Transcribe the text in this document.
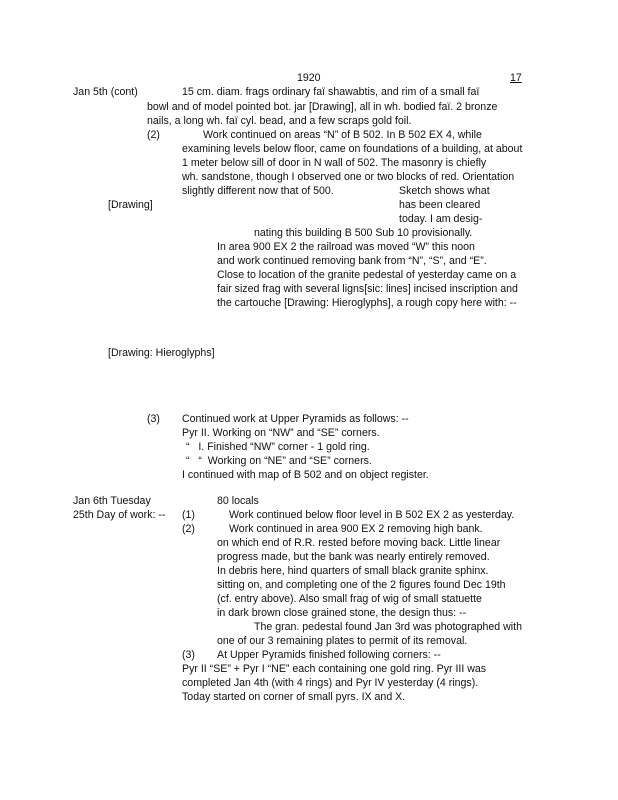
1920	17
Jan 5th (cont)	15 cm. diam. frags ordinary faï shawabtis, and rim of a small faï
bowl and of model pointed bot. jar [Drawing], all in wh. bodied faï. 2 bronze
nails, a long wh. faï cyl. bead, and a few scraps gold foil.
(2)	Work continued on areas “N” of B 502. In B 502 EX 4, while
examining levels below floor, came on foundations of a building, at about
1 meter below sill of door in N wall of 502. The masonry is chiefly
wh. sandstone, though I observed one or two blocks of red. Orientation
slightly different now that of 500.	Sketch shows what
[Drawing]	has been cleared
today. I am desig-
nating this building B 500 Sub 10 provisionally.
In area 900 EX 2 the railroad was moved “W” this noon
and work continued removing bank from “N”, “S”, and “E”.
Close to location of the granite pedestal of yesterday came on a
fair sized frag with several ligns[sic: lines] incised inscription and
the cartouche [Drawing: Hieroglyphs], a rough copy here with: --
[Drawing: Hieroglyphs]
(3) Continued work at Upper Pyramids as follows: --
Pyr II. Working on “NW” and “SE” corners.
“   I. Finished “NW” corner - 1 gold ring.
“   “  Working on “NE” and “SE” corners.
I continued with map of B 502 and on object register.
Jan 6th Tuesday	80 locals
25th Day of work: -- (1)	Work continued below floor level in B 502 EX 2 as yesterday.
(2)	Work continued in area 900 EX 2 removing high bank.
on which end of R.R. rested before moving back. Little linear
progress made, but the bank was nearly entirely removed.
In debris here, hind quarters of small black granite sphinx.
sitting on, and completing one of the 2 figures found Dec 19th
(cf. entry above). Also small frag of wig of small statuette
in dark brown close grained stone, the design thus: --
The gran. pedestal found Jan 3rd was photographed with
one of our 3 remaining plates to permit of its removal.
(3) At Upper Pyramids finished following corners: --
Pyr II “SE” + Pyr I “NE” each containing one gold ring. Pyr III was
completed Jan 4th (with 4 rings) and Pyr IV yesterday (4 rings).
Today started on corner of small pyrs. IX and X.
